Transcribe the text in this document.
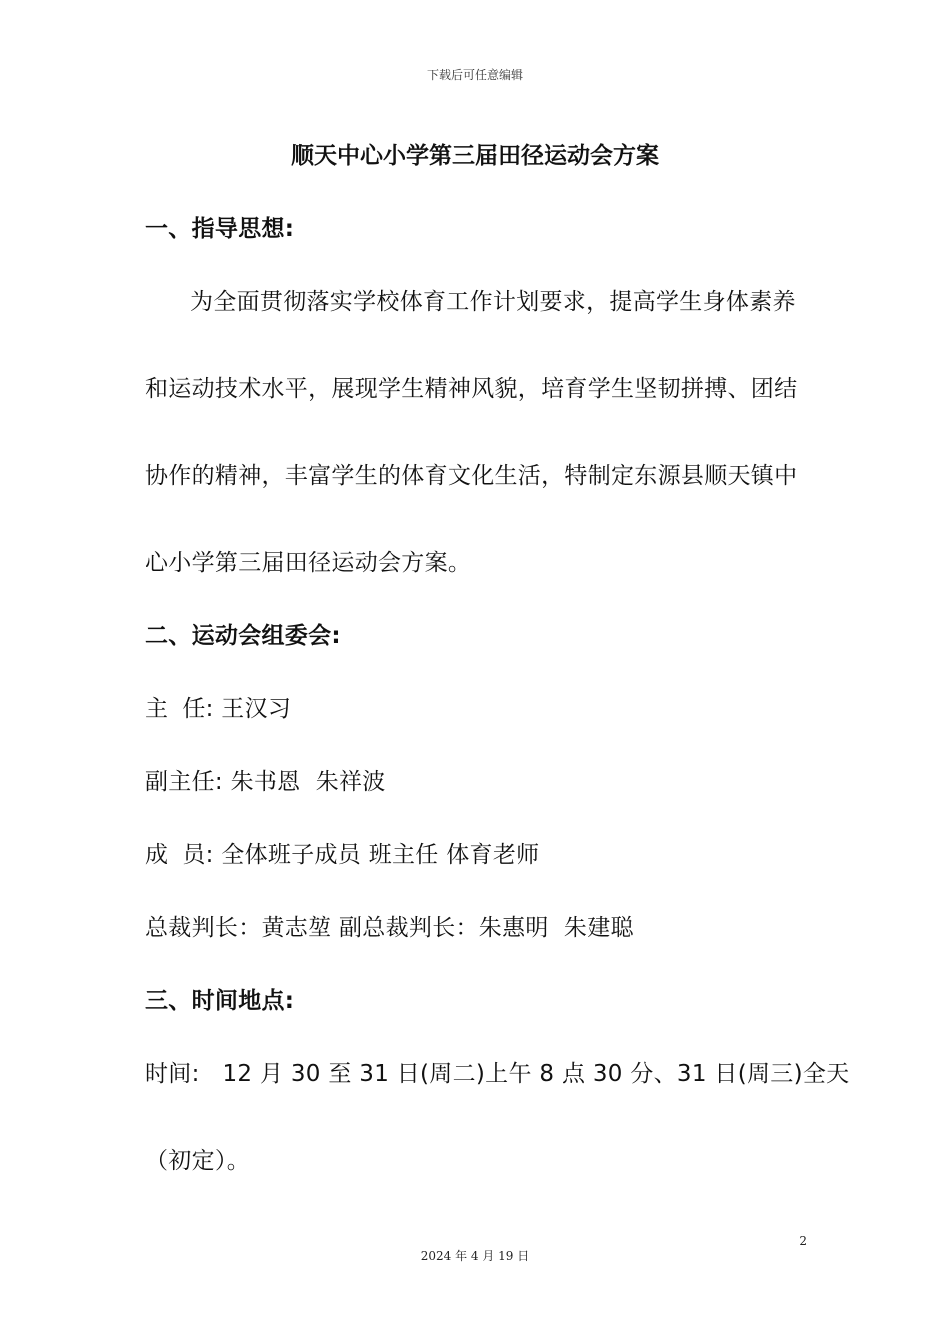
下载后可任意编辑
顺天中心小学第三届田径运动会方案
一、指导思想:
为全面贯彻落实学校体育工作计划要求，提高学生身体素养
和运动技术水平，展现学生精神风貌，培育学生坚韧拼搏、团结
协作的精神，丰富学生的体育文化生活，特制定东源县顺天镇中
心小学第三届田径运动会方案。
二、运动会组委会:
主 任: 王汉习
副主任: 朱书恩  朱祥波
成 员: 全体班子成员 班主任 体育老师
总裁判长：黄志堃 副总裁判长：朱惠明  朱建聪
三、时间地点:
时间:   12 月 30 至 31 日(周二)上午 8 点 30 分、31 日(周三)全天
（初定）。
2
2024 年 4 月 19 日
